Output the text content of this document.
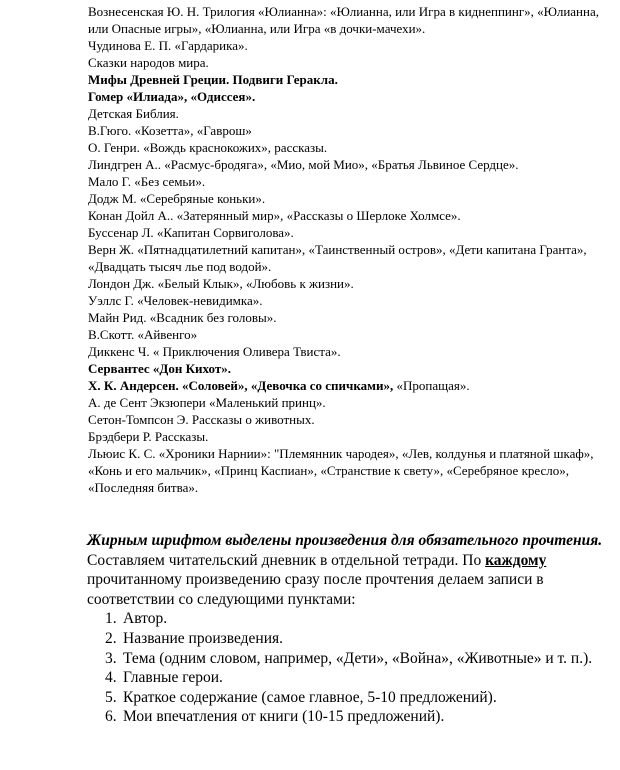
Вознесенская Ю. Н. Трилогия «Юлианна»: «Юлианна, или Игра в киднеппинг», «Юлианна, или Опасные игры», «Юлианна, или Игра «в дочки-мачехи».

Чудинова Е. П. «Гардарика».

Сказки народов мира.

Мифы Древней Греции. Подвиги Геракла.

Гомер «Илиада», «Одиссея».

Детская Библия.

В.Гюго. «Козетта», «Гаврош»

О. Генри. «Вождь краснокожих», рассказы.

Линдгрен А.. «Расмус-бродяга», «Мио, мой Мио», «Братья Львиное Сердце».

Мало Г. «Без семьи».

Додж М. «Серебряные коньки».

Конан Дойл А.. «Затерянный мир», «Рассказы о Шерлоке Холмсе».

Буссенар Л. «Капитан Сорвиголова».

Верн Ж. «Пятнадцатилетний капитан», «Таинственный остров», «Дети капитана Гранта», «Двадцать тысяч лье под водой».

Лондон Дж. «Белый Клык», «Любовь к жизни».

Уэллс Г. «Человек-невидимка».

Майн Рид. «Всадник без головы».

В.Скотт. «Айвенго»

Диккенс Ч. « Приключения Оливера Твиста».

Сервантес «Дон Кихот».

Х. К. Андерсен. «Соловей», «Девочка со спичками», «Пропащая».

А. де Сент Экзюпери «Маленький принц».

Сетон-Томпсон Э. Рассказы о животных.

Брэдбери Р. Рассказы.

Льюис К. С. «Хроники Нарнии»: "Племянник чародея», «Лев, колдунья и платяной шкаф», «Конь и его мальчик», «Принц Каспиан», «Странствие к свету», «Серебряное кресло», «Последняя битва».

Жирным шрифтом выделены произведения для обязательного прочтения.

Составляем читательский дневник в отдельной тетради. По каждому прочитанному произведению сразу после прочтения делаем записи в соответствии со следующими пунктами:

1. Автор.
2. Название произведения.
3. Тема (одним словом, например, «Дети», «Война», «Животные» и т. п.).
4. Главные герои.
5. Краткое содержание (самое главное, 5-10 предложений).
6. Мои впечатления от книги (10-15 предложений).
